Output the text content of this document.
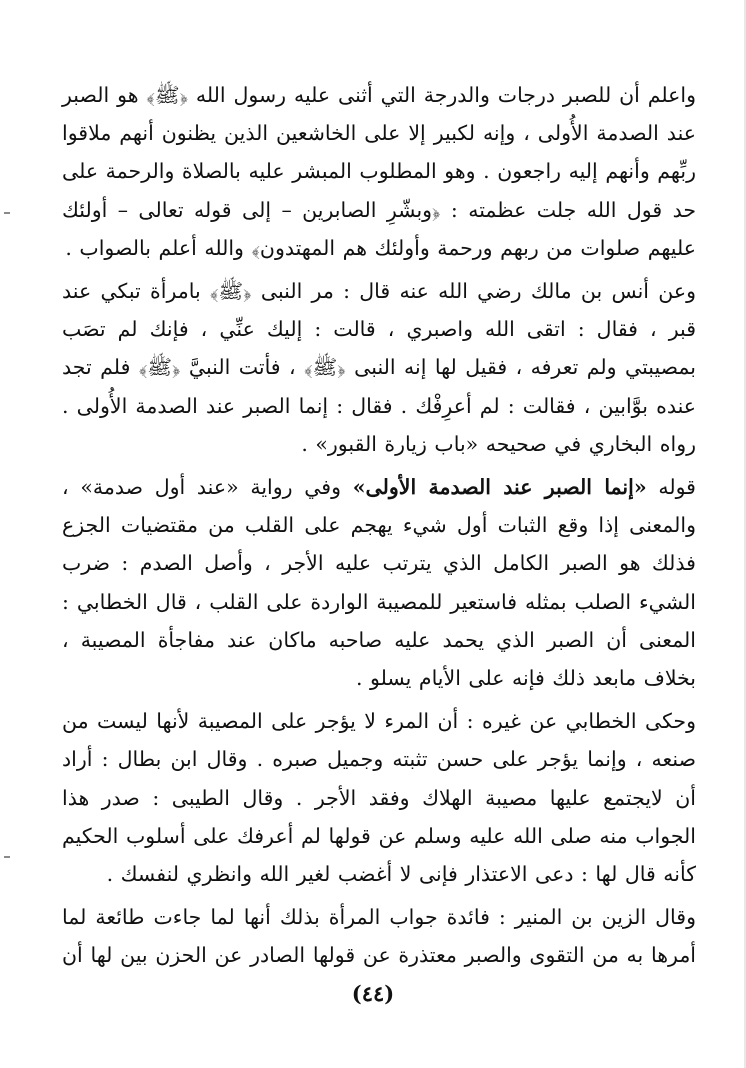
واعلم أن للصبر درجات والدرجة التي أثنى عليه رسول الله ﴿ﷺ﴾ هو الصبر عند الصدمة الأُولى ، وإنه لكبير إلا على الخاشعين الذين يظنون أنهم ملاقوا ربِّهم وأنهم إليه راجعون . وهو المطلوب المبشر عليه بالصلاة والرحمة على حد قول الله جلت عظمته : ﴿وبشّرِ الصابرين – إلى قوله تعالى – أولئك عليهم صلوات من ربهم ورحمة وأولئك هم المهتدون﴾ والله أعلم بالصواب .

وعن أنس بن مالك رضي الله عنه قال : مر النبى ﴿ﷺ﴾ بامرأة تبكي عند قبر ، فقال : اتقى الله واصبري ، قالت : إليك عنِّي ، فإنك لم تصَب بمصيبتي ولم تعرفه ، فقيل لها إنه النبى ﴿ﷺ﴾ ، فأتت النبيَّ ﴿ﷺ﴾ فلم تجد عنده بوَّابين ، فقالت : لم أعرِفْك . فقال : إنما الصبر عند الصدمة الأُولى . رواه البخاري في صحيحه «باب زيارة القبور» .

قوله «إنما الصبر عند الصدمة الأولى» وفي رواية «عند أول صدمة» ، والمعنى إذا وقع الثبات أول شيء يهجم على القلب من مقتضيات الجزع فذلك هو الصبر الكامل الذي يترتب عليه الأجر ، وأصل الصدم : ضرب الشيء الصلب بمثله فاستعير للمصيبة الواردة على القلب ، قال الخطابي : المعنى أن الصبر الذي يحمد عليه صاحبه ماكان عند مفاجأة المصيبة ، بخلاف مابعد ذلك فإنه على الأيام يسلو .

وحكى الخطابي عن غيره : أن المرء لا يؤجر على المصيبة لأنها ليست من صنعه ، وإنما يؤجر على حسن تثبته وجميل صبره . وقال ابن بطال : أراد أن لايجتمع عليها مصيبة الهلاك وفقد الأجر . وقال الطيبى : صدر هذا الجواب منه صلى الله عليه وسلم عن قولها لم أعرفك على أسلوب الحكيم كأنه قال لها : دعى الاعتذار فإنى لا أغضب لغير الله وانظري لنفسك .

وقال الزين بن المنير : فائدة جواب المرأة بذلك أنها لما جاءت طائعة لما أمرها به من التقوى والصبر معتذرة عن قولها الصادر عن الحزن بين لها أن

(٤٤)
